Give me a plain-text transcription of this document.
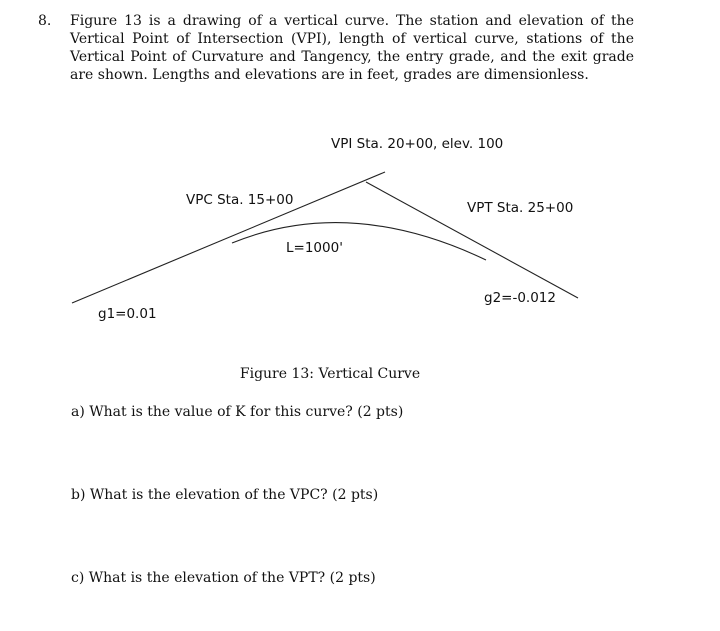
8. Figure 13 is a drawing of a vertical curve. The station and elevation of the Vertical Point of Intersection (VPI), length of vertical curve, stations of the Vertical Point of Curvature and Tangency, the entry grade, and the exit grade are shown. Lengths and elevations are in feet, grades are dimensionless.
VPI Sta. 20+00, elev. 100
VPC Sta. 15+00	VPT Sta. 25+00
L=1000'
g2=-0.012
g1=0.01
Figure 13: Vertical Curve
a) What is the value of K for this curve? (2 pts)
b) What is the elevation of the VPC? (2 pts)
c) What is the elevation of the VPT? (2 pts)
